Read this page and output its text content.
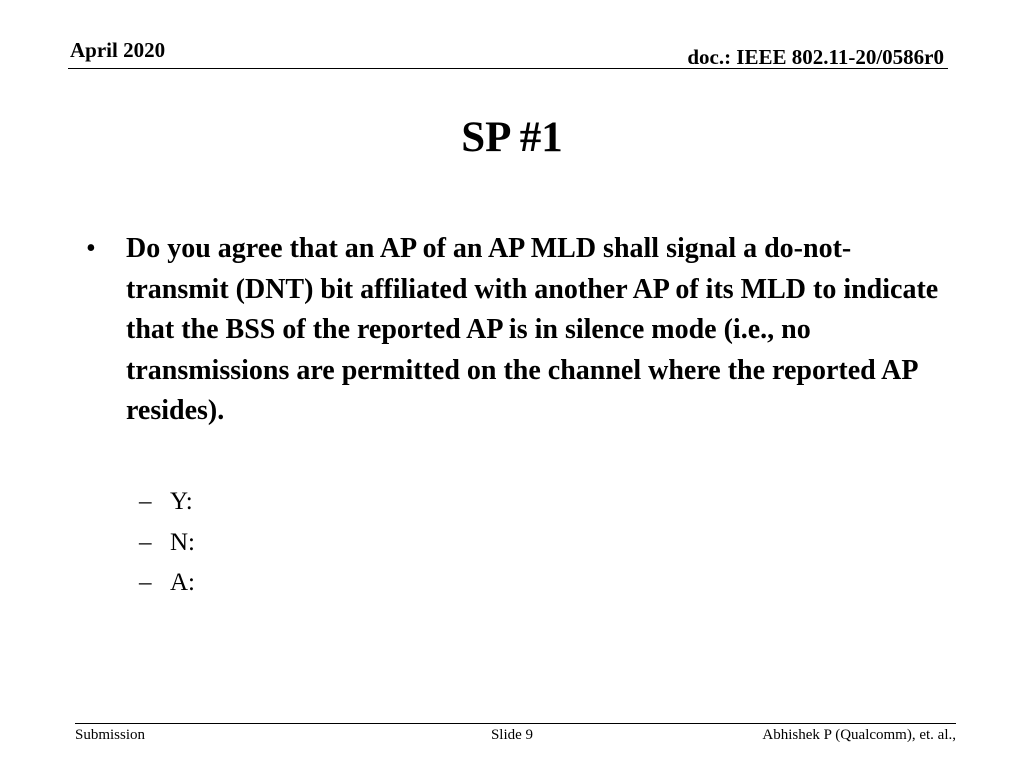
April 2020	doc.: IEEE 802.11-20/0586r0
SP #1
• Do you agree that an AP of an AP MLD shall signal a do-not-transmit (DNT) bit affiliated with another AP of its MLD to indicate that the BSS of the reported AP is in silence mode (i.e., no transmissions are permitted on the channel where the reported AP resides).
– Y:
– N:
– A:
Submission	Slide 9	Abhishek P (Qualcomm), et. al.,
